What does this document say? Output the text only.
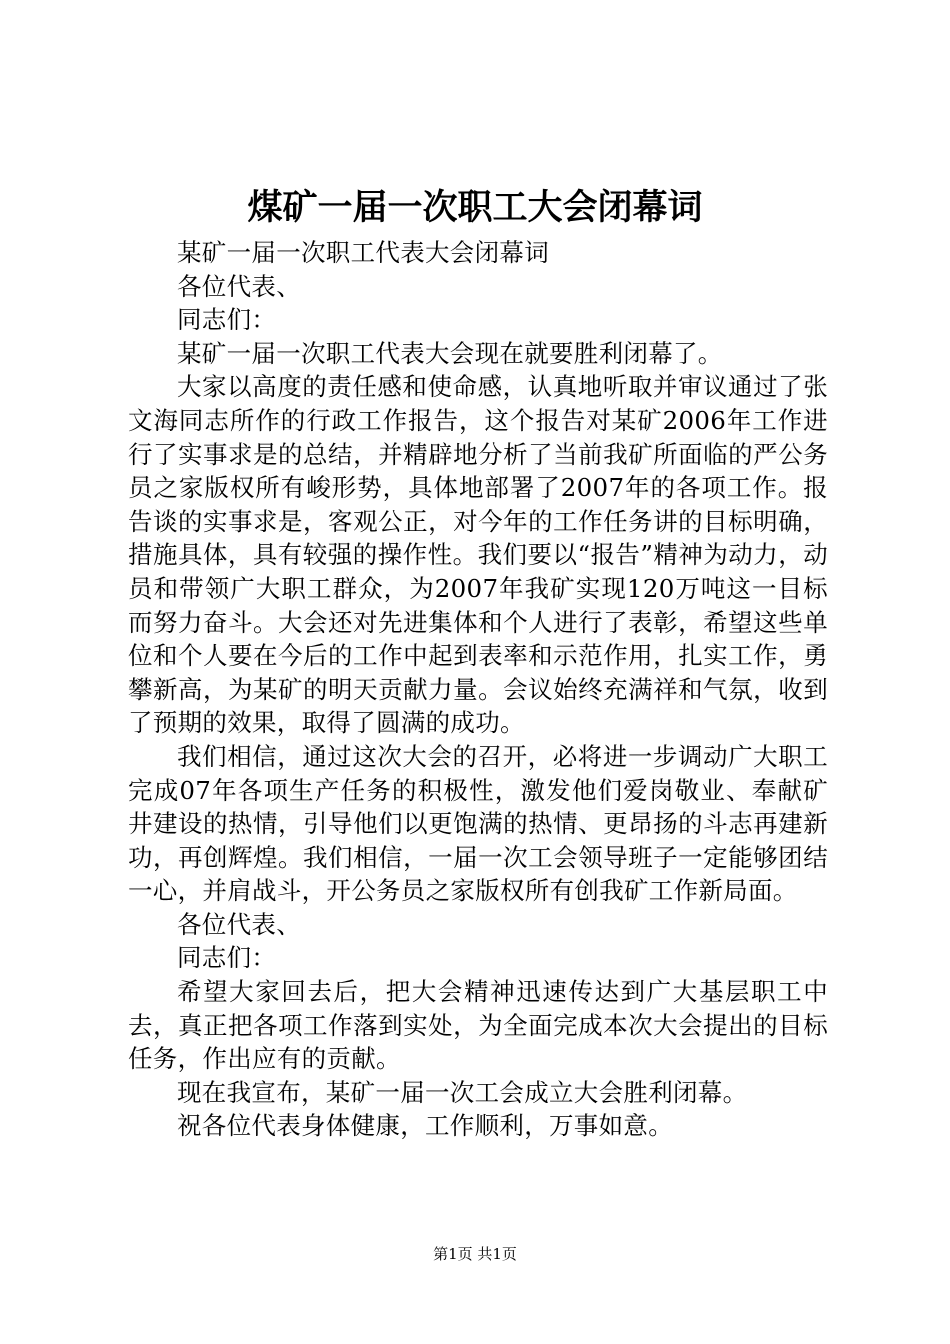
煤矿一届一次职工大会闭幕词

某矿一届一次职工代表大会闭幕词

各位代表、

同志们：

某矿一届一次职工代表大会现在就要胜利闭幕了。

大家以高度的责任感和使命感，认真地听取并审议通过了张文海同志所作的行政工作报告，这个报告对某矿2006年工作进行了实事求是的总结，并精辟地分析了当前我矿所面临的严公务员之家版权所有峻形势，具体地部署了2007年的各项工作。报告谈的实事求是，客观公正，对今年的工作任务讲的目标明确，措施具体，具有较强的操作性。我们要以“报告”精神为动力，动员和带领广大职工群众，为2007年我矿实现120万吨这一目标而努力奋斗。大会还对先进集体和个人进行了表彰，希望这些单位和个人要在今后的工作中起到表率和示范作用，扎实工作，勇攀新高，为某矿的明天贡献力量。会议始终充满祥和气氛，收到了预期的效果，取得了圆满的成功。

我们相信，通过这次大会的召开，必将进一步调动广大职工完成07年各项生产任务的积极性，激发他们爱岗敬业、奉献矿井建设的热情，引导他们以更饱满的热情、更昂扬的斗志再建新功，再创辉煌。我们相信，一届一次工会领导班子一定能够团结一心，并肩战斗，开公务员之家版权所有创我矿工作新局面。

各位代表、

同志们：

希望大家回去后，把大会精神迅速传达到广大基层职工中去，真正把各项工作落到实处，为全面完成本次大会提出的目标任务，作出应有的贡献。

现在我宣布，某矿一届一次工会成立大会胜利闭幕。

祝各位代表身体健康，工作顺利，万事如意。

第1页 共1页
